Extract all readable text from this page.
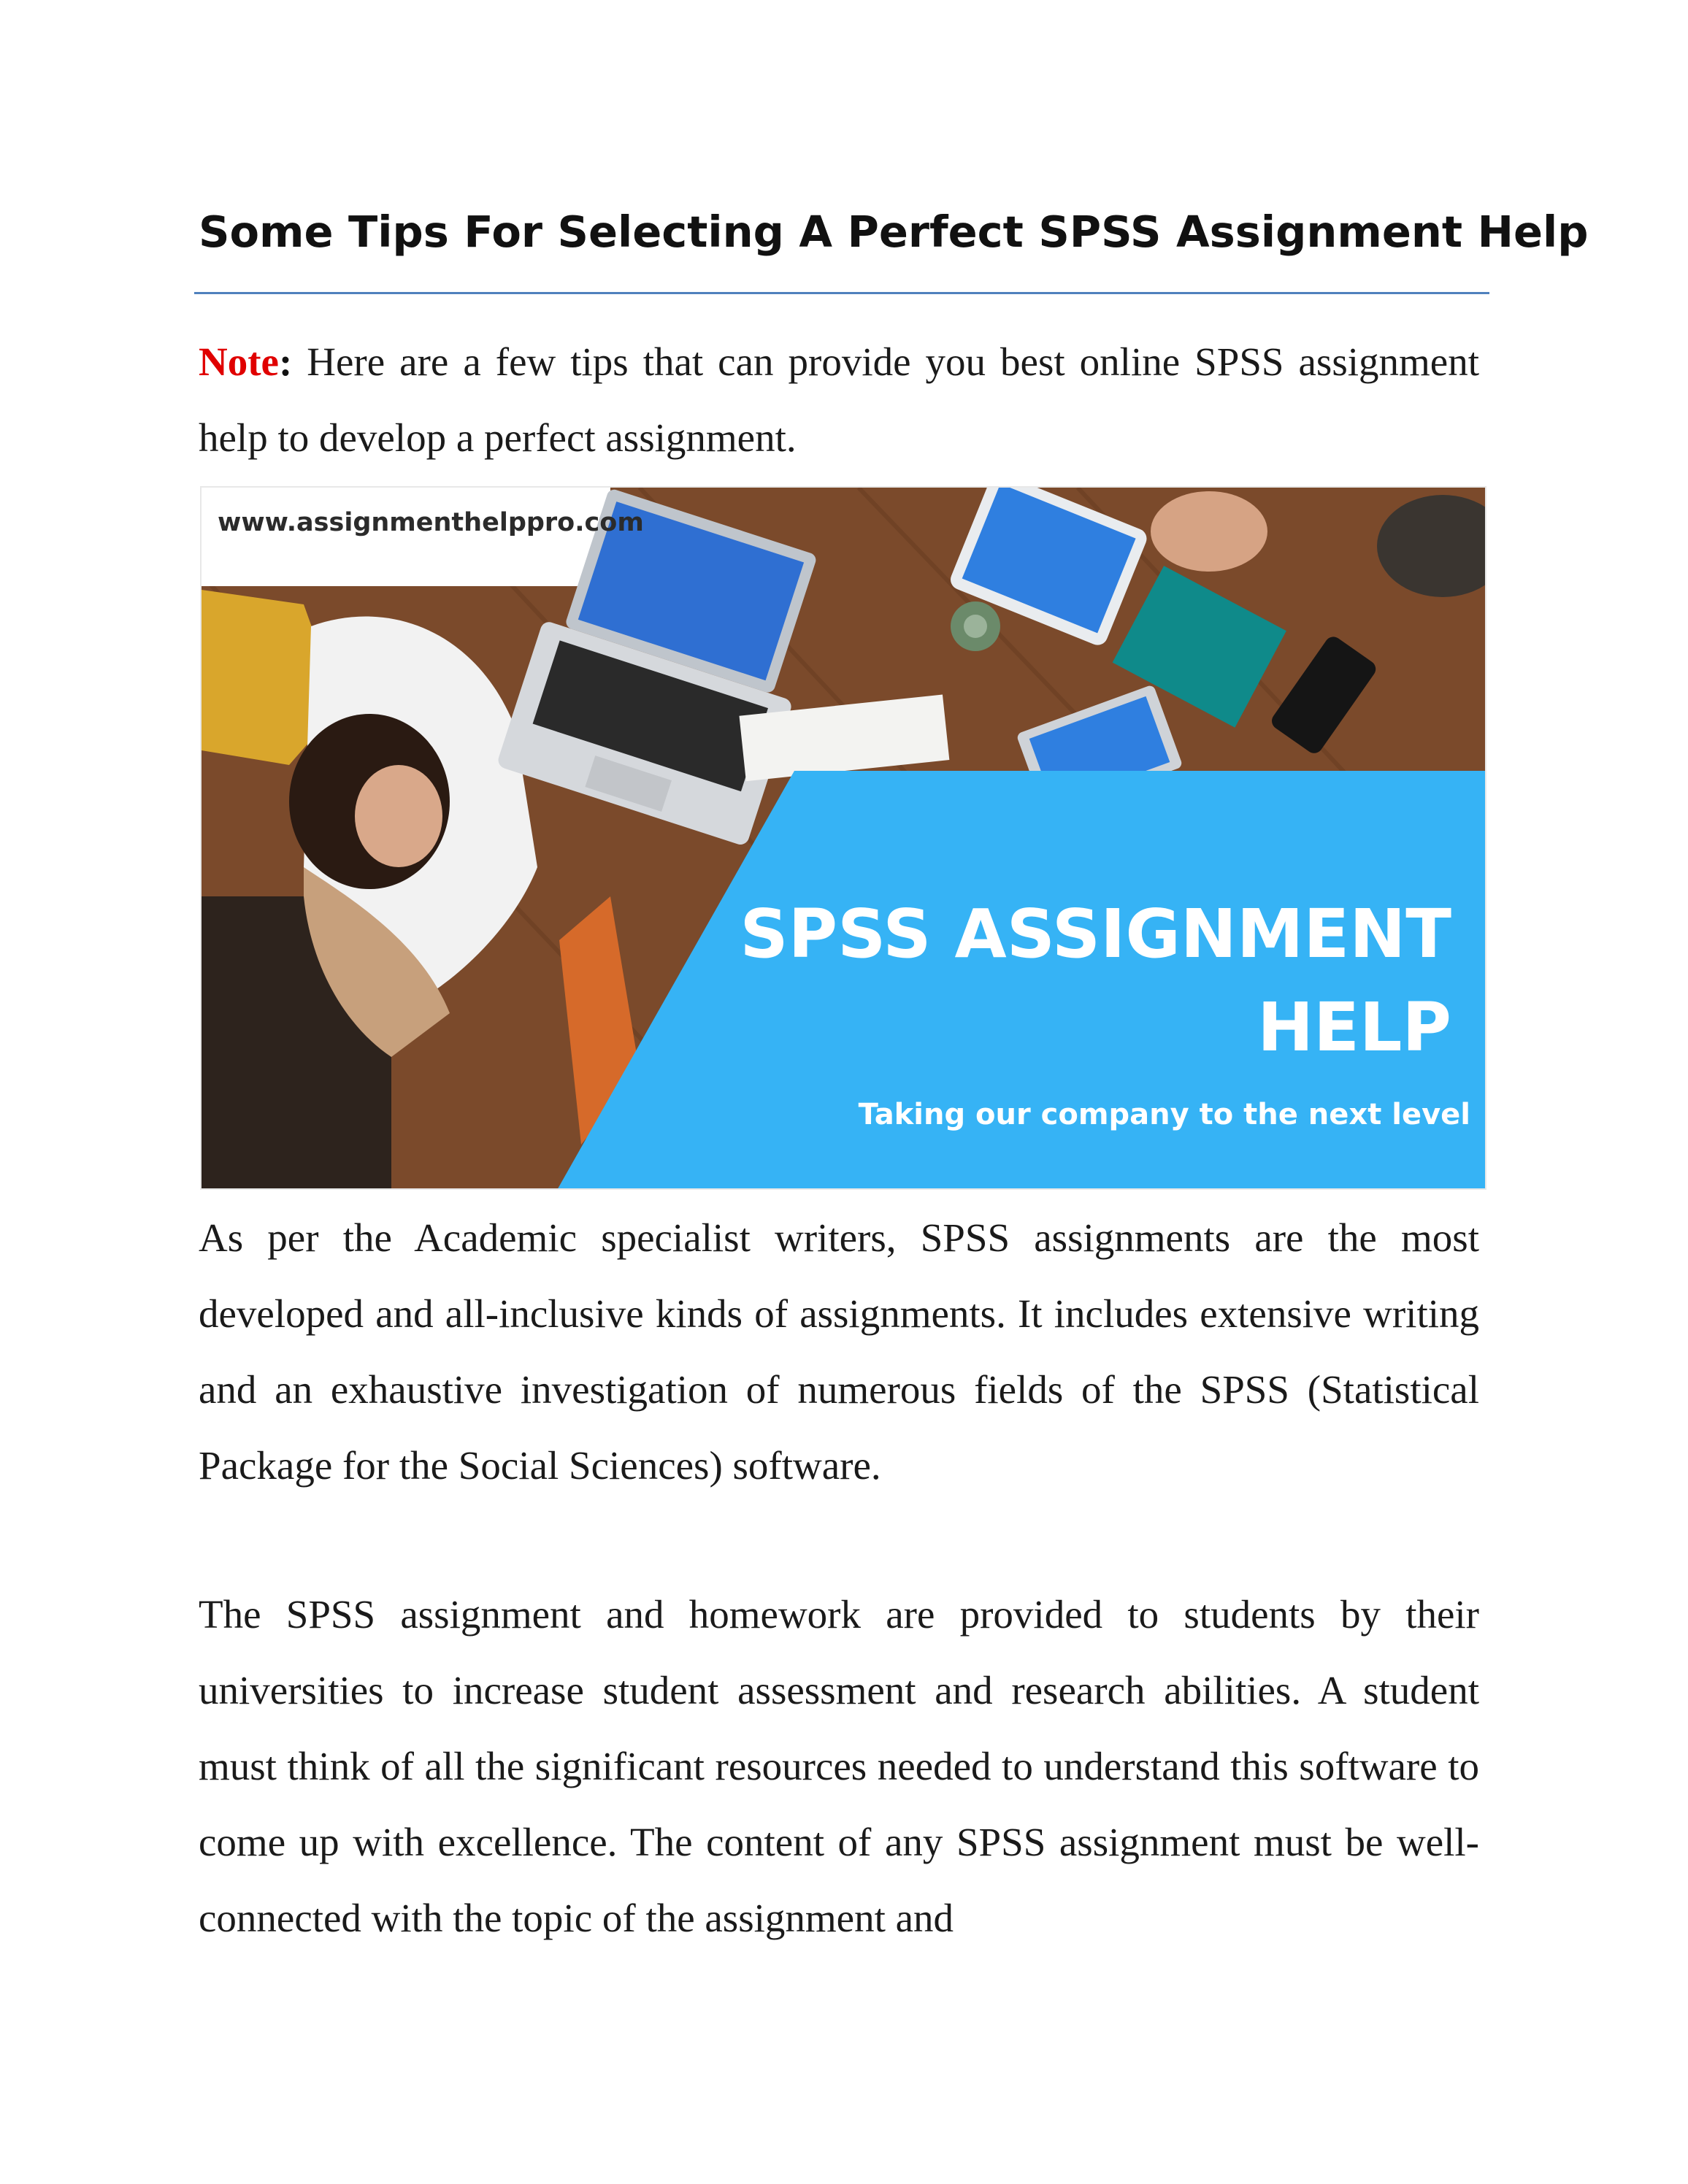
Some Tips For Selecting A Perfect SPSS Assignment Help

Note: Here are a few tips that can provide you best online SPSS assignment help to develop a perfect assignment.

www.assignmenthelppro.com
SPSS ASSIGNMENT
HELP
Taking our company to the next level

As per the Academic specialist writers, SPSS assignments are the most developed and all-inclusive kinds of assignments. It includes extensive writing and an exhaustive investigation of numerous fields of the SPSS (Statistical Package for the Social Sciences) software.

The SPSS assignment and homework are provided to students by their universities to increase student assessment and research abilities. A student must think of all the significant resources needed to understand this software to come up with excellence. The content of any SPSS assignment must be well-connected with the topic of the assignment and
